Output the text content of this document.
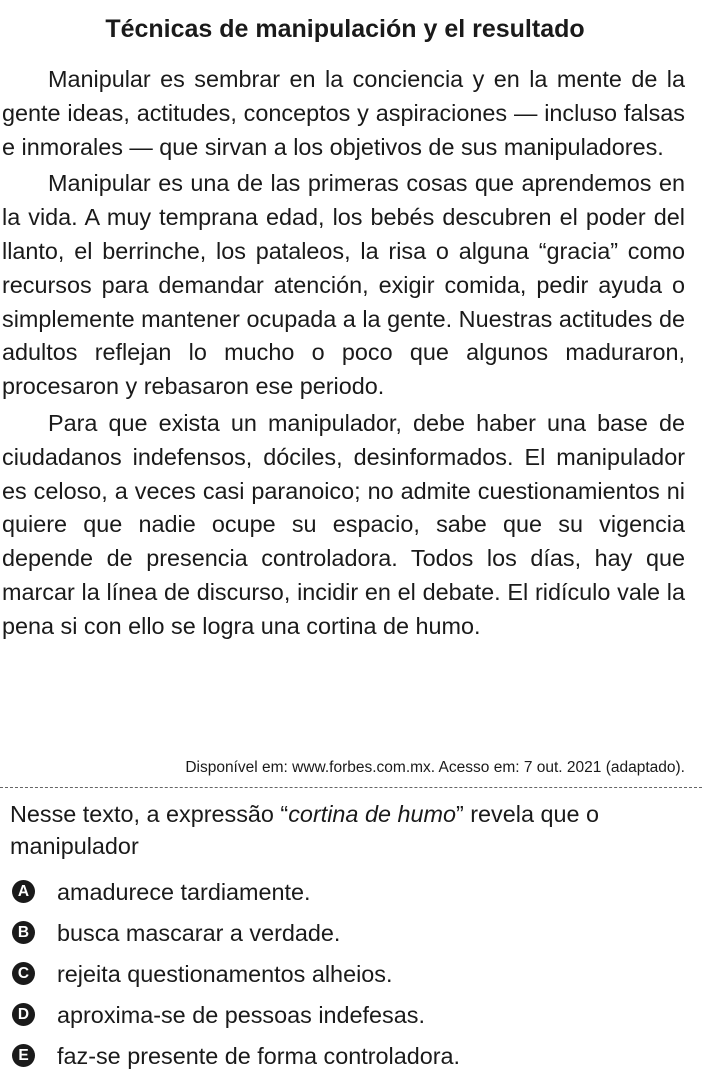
Técnicas de manipulación y el resultado

Manipular es sembrar en la conciencia y en la mente de la gente ideas, actitudes, conceptos y aspiraciones — incluso falsas e inmorales — que sirvan a los objetivos de sus manipuladores.

Manipular es una de las primeras cosas que aprendemos en la vida. A muy temprana edad, los bebés descubren el poder del llanto, el berrinche, los pataleos, la risa o alguna “gracia” como recursos para demandar atención, exigir comida, pedir ayuda o simplemente mantener ocupada a la gente. Nuestras actitudes de adultos reflejan lo mucho o poco que algunos maduraron, procesaron y rebasaron ese periodo.

Para que exista un manipulador, debe haber una base de ciudadanos indefensos, dóciles, desinformados. El manipulador es celoso, a veces casi paranoico; no admite cuestionamientos ni quiere que nadie ocupe su espacio, sabe que su vigencia depende de presencia controladora. Todos los días, hay que marcar la línea de discurso, incidir en el debate. El ridículo vale la pena si con ello se logra una cortina de humo.

Disponível em: www.forbes.com.mx. Acesso em: 7 out. 2021 (adaptado).

Nesse texto, a expressão “cortina de humo” revela que o manipulador

A amadurece tardiamente.
B busca mascarar a verdade.
C rejeita questionamentos alheios.
D aproxima-se de pessoas indefesas.
E faz-se presente de forma controladora.
